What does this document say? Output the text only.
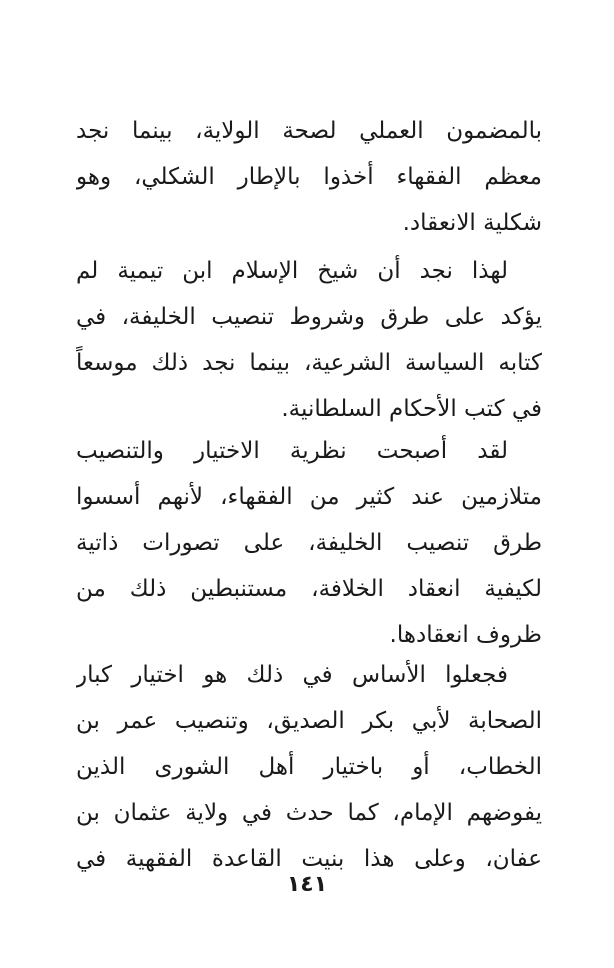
بالمضمون العملي لصحة الولاية، بينما نجد
معظم الفقهاء أخذوا بالإطار الشكلي، وهو
شكلية الانعقاد.
لهذا نجد أن شيخ الإسلام ابن تيمية لم
يؤكد على طرق وشروط تنصيب الخليفة، في
كتابه السياسة الشرعية، بينما نجد ذلك موسعاً
في كتب الأحكام السلطانية.
لقد أصبحت نظرية الاختيار والتنصيب
متلازمين عند كثير من الفقهاء، لأنهم أسسوا
طرق تنصيب الخليفة، على تصورات ذاتية
لكيفية انعقاد الخلافة، مستنبطين ذلك من
ظروف انعقادها.
فجعلوا الأساس في ذلك هو اختيار كبار
الصحابة لأبي بكر الصديق، وتنصيب عمر بن
الخطاب، أو باختيار أهل الشورى الذين
يفوضهم الإمام، كما حدث في ولاية عثمان بن
عفان، وعلى هذا بنيت القاعدة الفقهية في
١٤١
